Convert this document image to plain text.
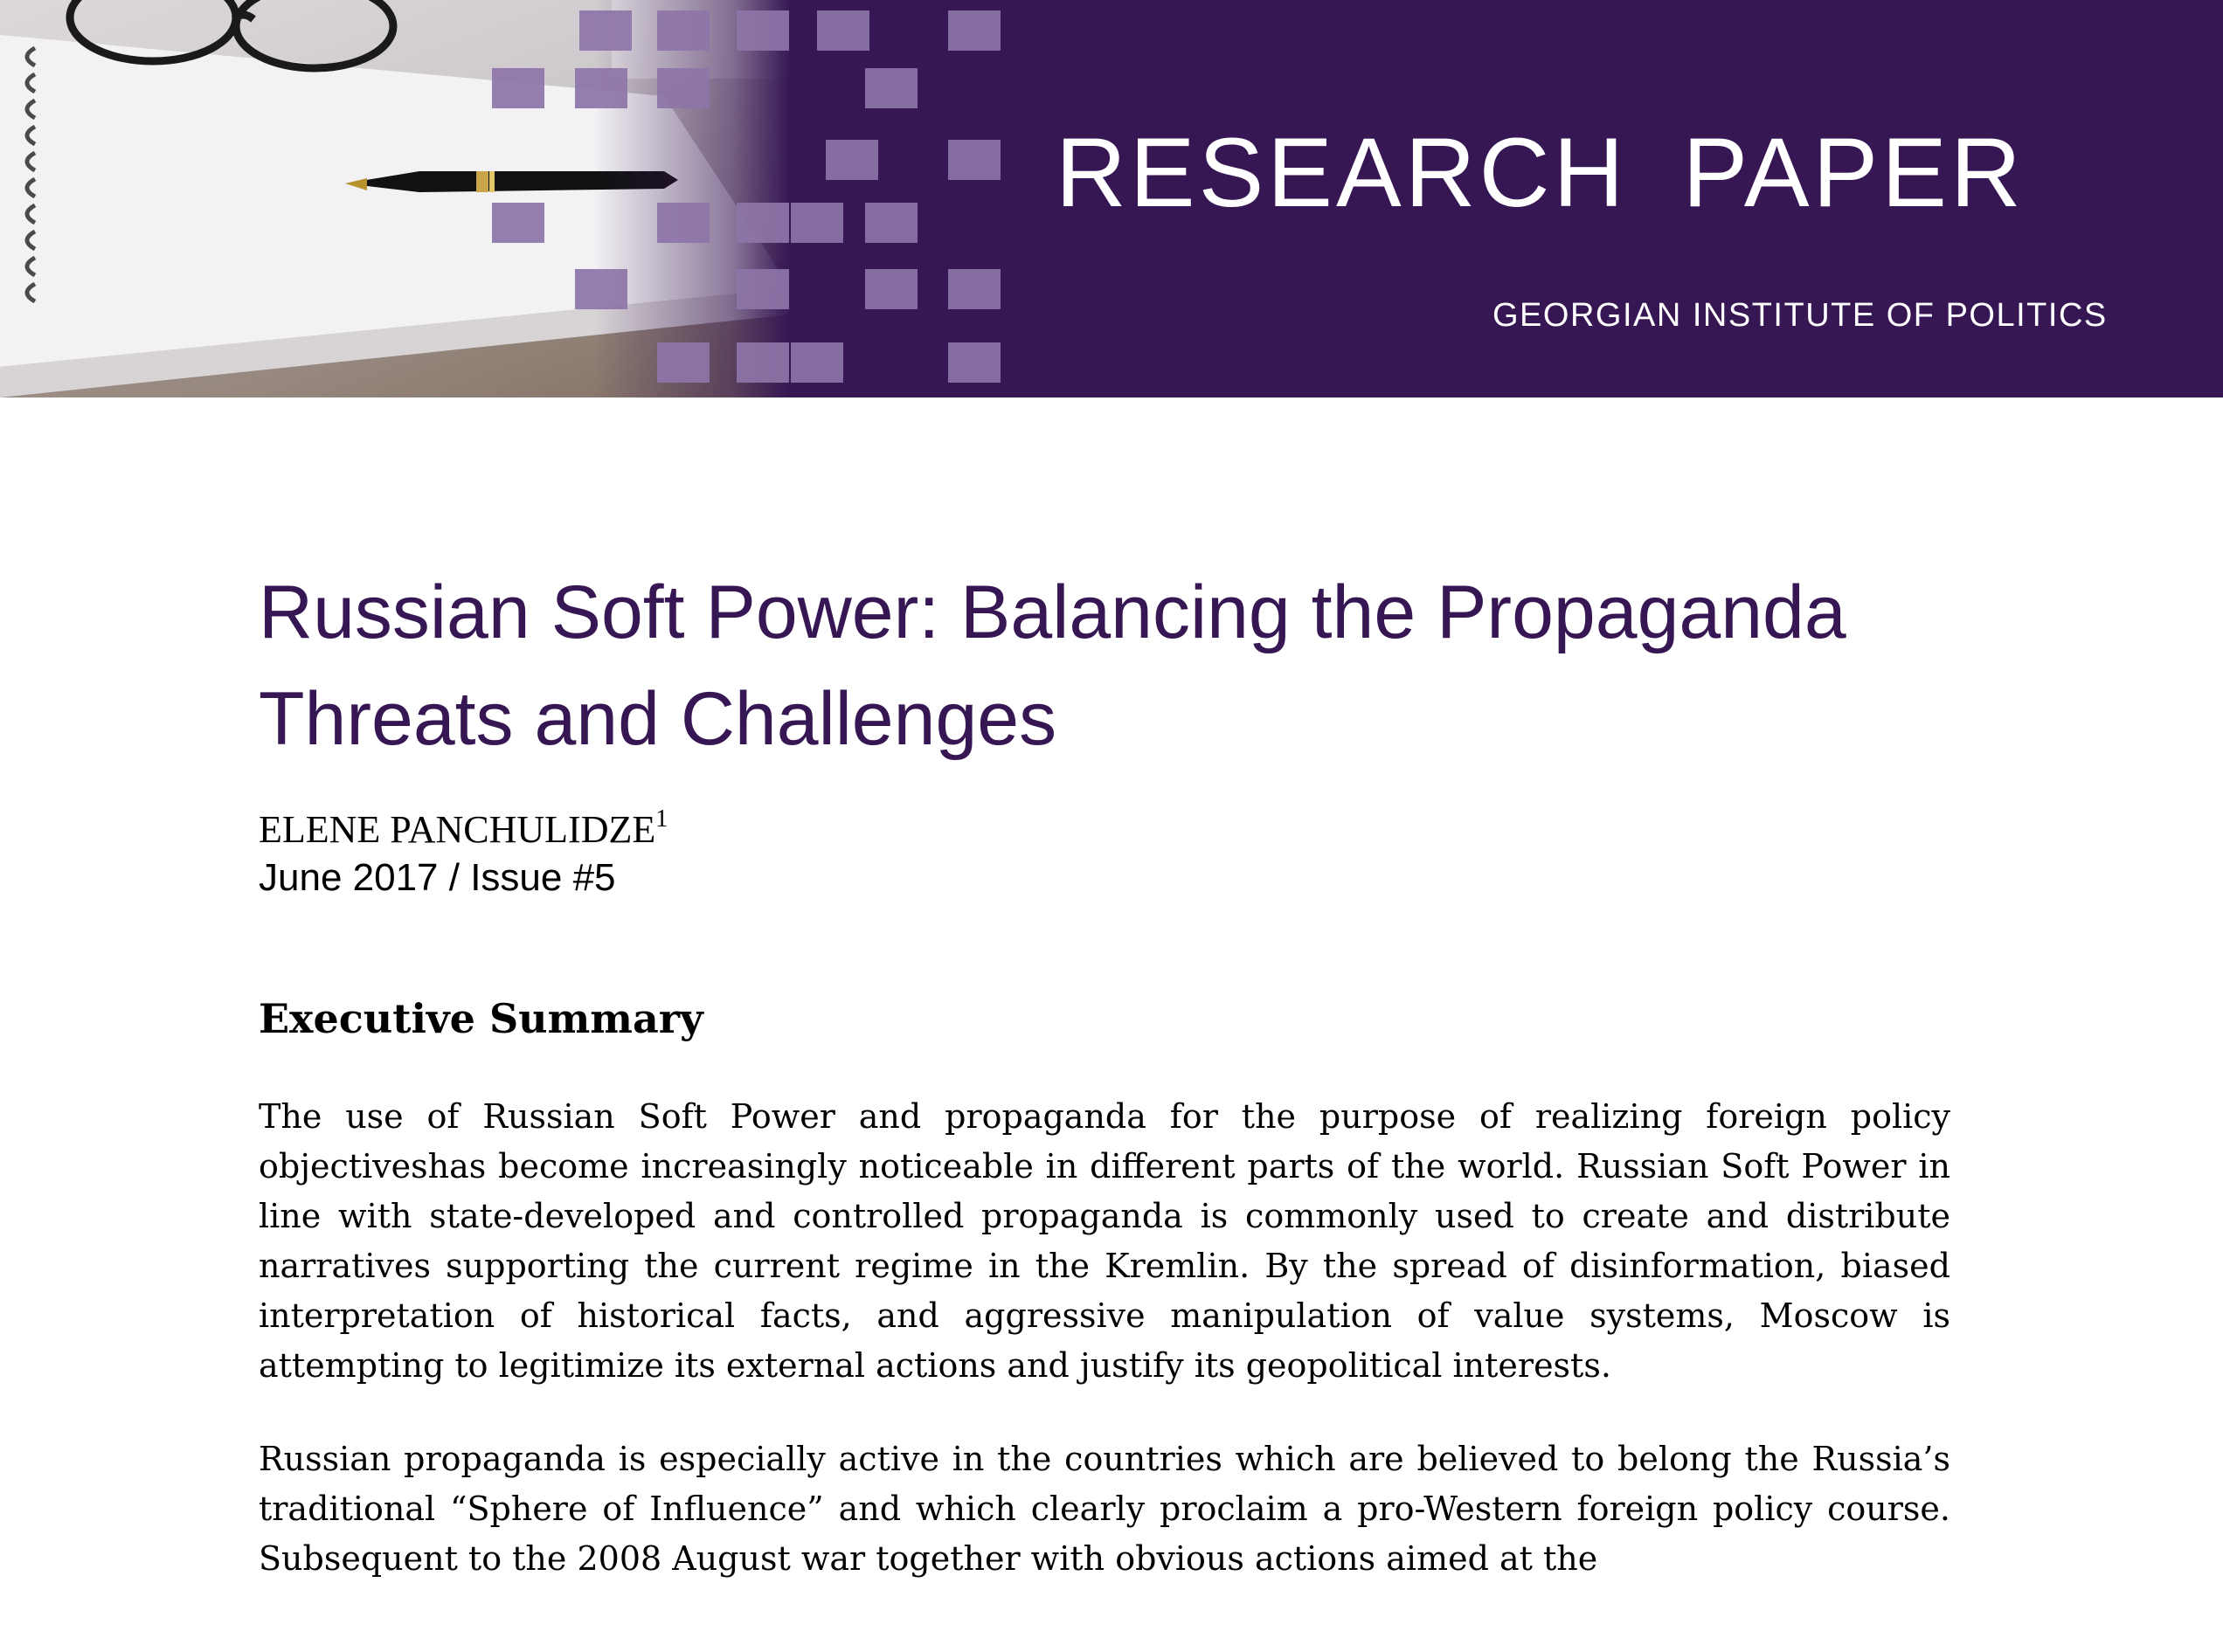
RESEARCH PAPER
GEORGIAN INSTITUTE OF POLITICS
Russian Soft Power: Balancing the Propaganda Threats and Challenges
ELENE PANCHULIDZE$^1$
June 2017 / Issue #5
Executive Summary

The use of Russian Soft Power and propaganda for the purpose of realizing foreign policy objectiveshas become increasingly noticeable in different parts of the world. Russian Soft Power in line with state-developed and controlled propaganda is commonly used to create and distribute narratives supporting the current regime in the Kremlin. By the spread of disinformation, biased interpretation of historical facts, and aggressive manipulation of value systems, Moscow is attempting to legitimize its external actions and justify its geopolitical interests.

Russian propaganda is especially active in the countries which are believed to belong the Russia’s traditional “Sphere of Influence” and which clearly proclaim a pro-Western foreign policy course. Subsequent to the 2008 August war together with obvious actions aimed at the
